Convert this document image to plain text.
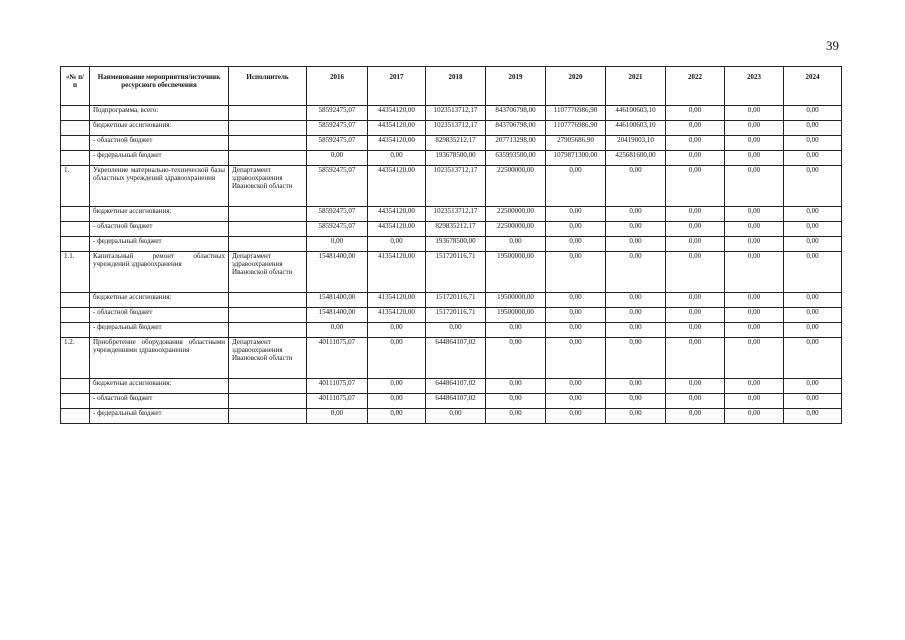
39
«№ п/п	Наименование мероприятия/источник ресурсного обеспечения	Исполнитель	2016	2017	2018	2019	2020	2021	2022	2023	2024
	Подпрограмма, всего:		58592475,07	44354120,00	1023513712,17	843706798,00	1107776986,90	446100603,10	0,00	0,00	0,00
	бюджетные ассигнования:		58592475,07	44354120,00	1023513712,17	843706798,00	1107776986,90	446100603,10	0,00	0,00	0,00
	- областной бюджет		58592475,07	44354120,00	829835212,17	207713298,00	27905686,90	20419003,10	0,00	0,00	0,00
	- федеральный бюджет		0,00	0,00	193678500,00	635993500,00	1079871300,00	425681600,00	0,00	0,00	0,00
1.	Укрепление материально-технической базы областных учреждений здравоохранения	Департамент здравоохранения Ивановской области	58592475,07	44354120,00	1023513712,17	22500000,00	0,00	0,00	0,00	0,00	0,00
	бюджетные ассигнования:		58592475,07	44354120,00	1023513712,17	22500000,00	0,00	0,00	0,00	0,00	0,00
	- областной бюджет		58592475,07	44354120,00	829835212,17	22500000,00	0,00	0,00	0,00	0,00	0,00
	- федеральный бюджет		0,00	0,00	193678500,00	0,00	0,00	0,00	0,00	0,00	0,00
1.1.	Капитальный ремонт областных учреждений здравоохранения	Департамент здравоохранения Ивановской области	15481400,00	41354120,00	151720116,71	19500000,00	0,00	0,00	0,00	0,00	0,00
	бюджетные ассигнования:		15481400,00	41354120,00	151720116,71	19500000,00	0,00	0,00	0,00	0,00	0,00
	- областной бюджет		15481400,00	41354120,00	151720116,71	19500000,00	0,00	0,00	0,00	0,00	0,00
	- федеральный бюджет		0,00	0,00	0,00	0,00	0,00	0,00	0,00	0,00	0,00
1.2.	Приобретение оборудования областными учреждениями здравоохранения	Департамент здравоохранения Ивановской области	40111075,07	0,00	644864107,02	0,00	0,00	0,00	0,00	0,00	0,00
	бюджетные ассигнования:		40111075,07	0,00	644864107,02	0,00	0,00	0,00	0,00	0,00	0,00
	- областной бюджет		40111075,07	0,00	644864107,02	0,00	0,00	0,00	0,00	0,00	0,00
	- федеральный бюджет		0,00	0,00	0,00	0,00	0,00	0,00	0,00	0,00	0,00
